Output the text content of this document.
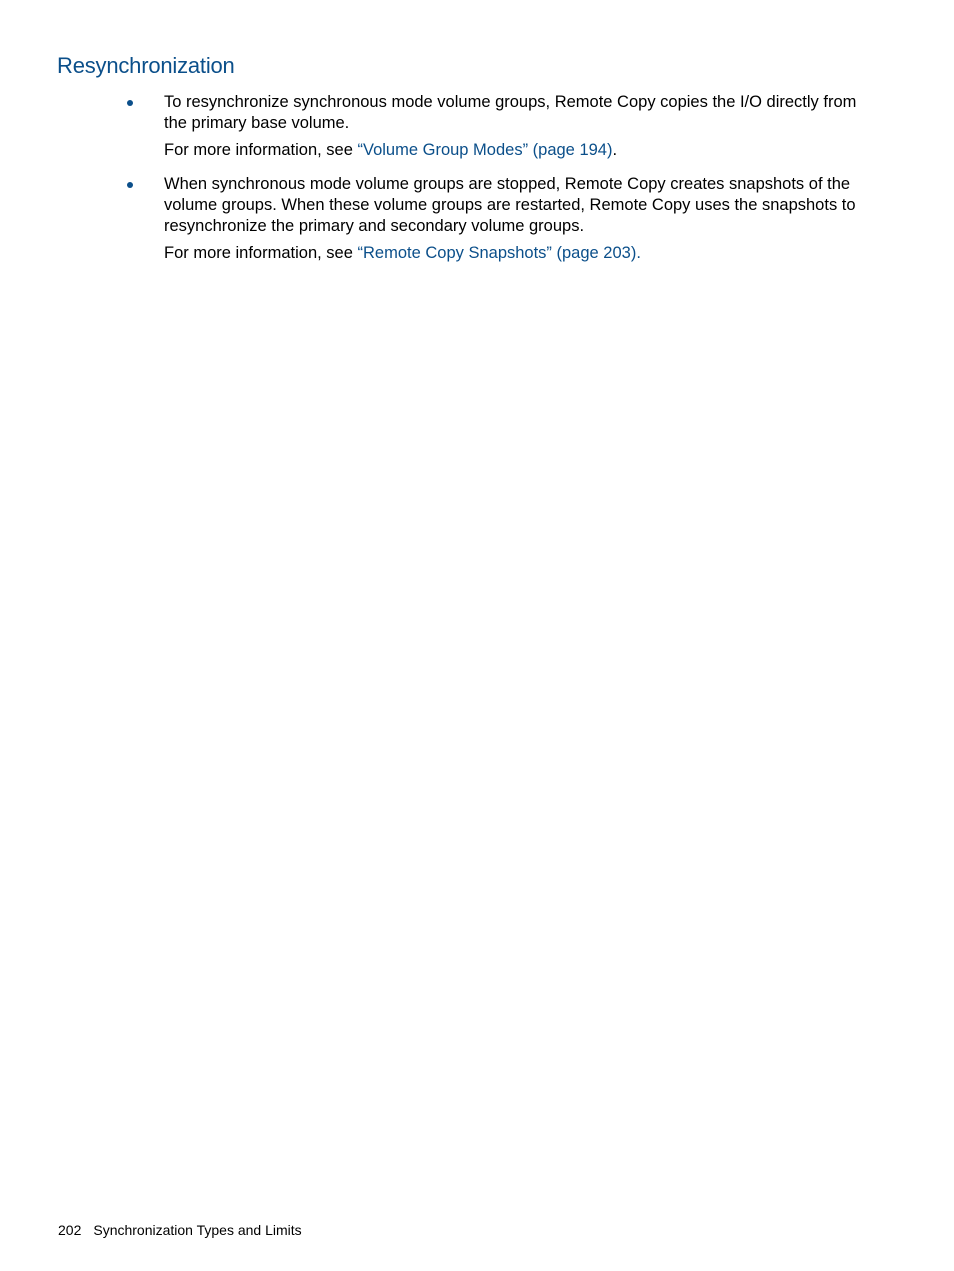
Resynchronization

To resynchronize synchronous mode volume groups, Remote Copy copies the I/O directly from the primary base volume.

For more information, see “Volume Group Modes” (page 194).

When synchronous mode volume groups are stopped, Remote Copy creates snapshots of the volume groups. When these volume groups are restarted, Remote Copy uses the snapshots to resynchronize the primary and secondary volume groups.

For more information, see “Remote Copy Snapshots” (page 203).

202 Synchronization Types and Limits
